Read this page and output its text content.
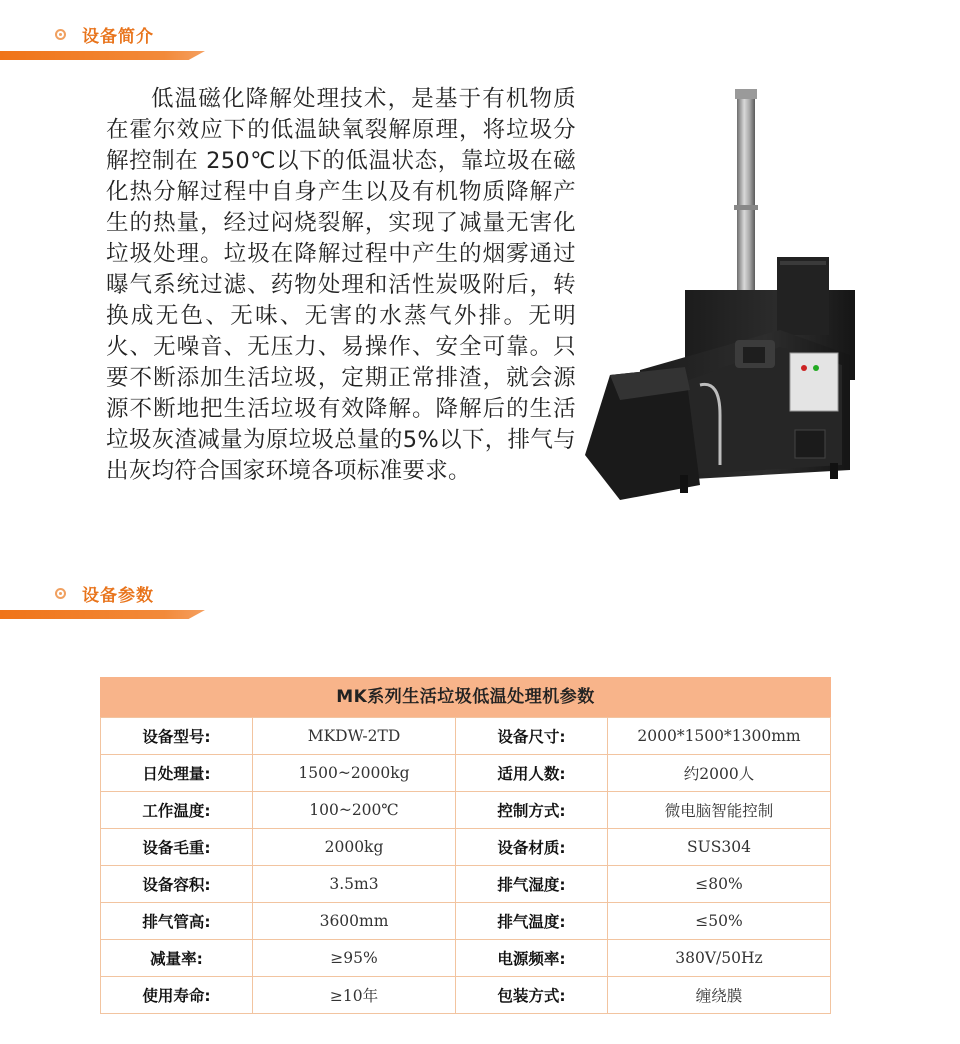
设备简介

低温磁化降解处理技术，是基于有机物质在霍尔效应下的低温缺氧裂解原理，将垃圾分解控制在 250℃以下的低温状态，靠垃圾在磁化热分解过程中自身产生以及有机物质降解产生的热量，经过闷烧裂解，实现了减量无害化垃圾处理。垃圾在降解过程中产生的烟雾通过曝气系统过滤、药物处理和活性炭吸附后，转换成无色、无味、无害的水蒸气外排。无明火、无噪音、无压力、易操作、安全可靠。只要不断添加生活垃圾，定期正常排渣，就会源源不断地把生活垃圾有效降解。降解后的生活垃圾灰渣减量为原垃圾总量的5%以下，排气与出灰均符合国家环境各项标准要求。

设备参数
MK系列生活垃圾低温处理机参数
设备型号:	MKDW-2TD	设备尺寸:	2000*1500*1300mm
日处理量:	1500~2000kg	适用人数:	约2000人
工作温度:	100~200℃	控制方式:	微电脑智能控制
设备毛重:	2000kg	设备材质:	SUS304
设备容积:	3.5m3	排气湿度:	≤80%
排气管高:	3600mm	排气温度:	≤50%
减量率:	≥95%	电源频率:	380V/50Hz
使用寿命:	≥10年	包装方式:	缠绕膜
